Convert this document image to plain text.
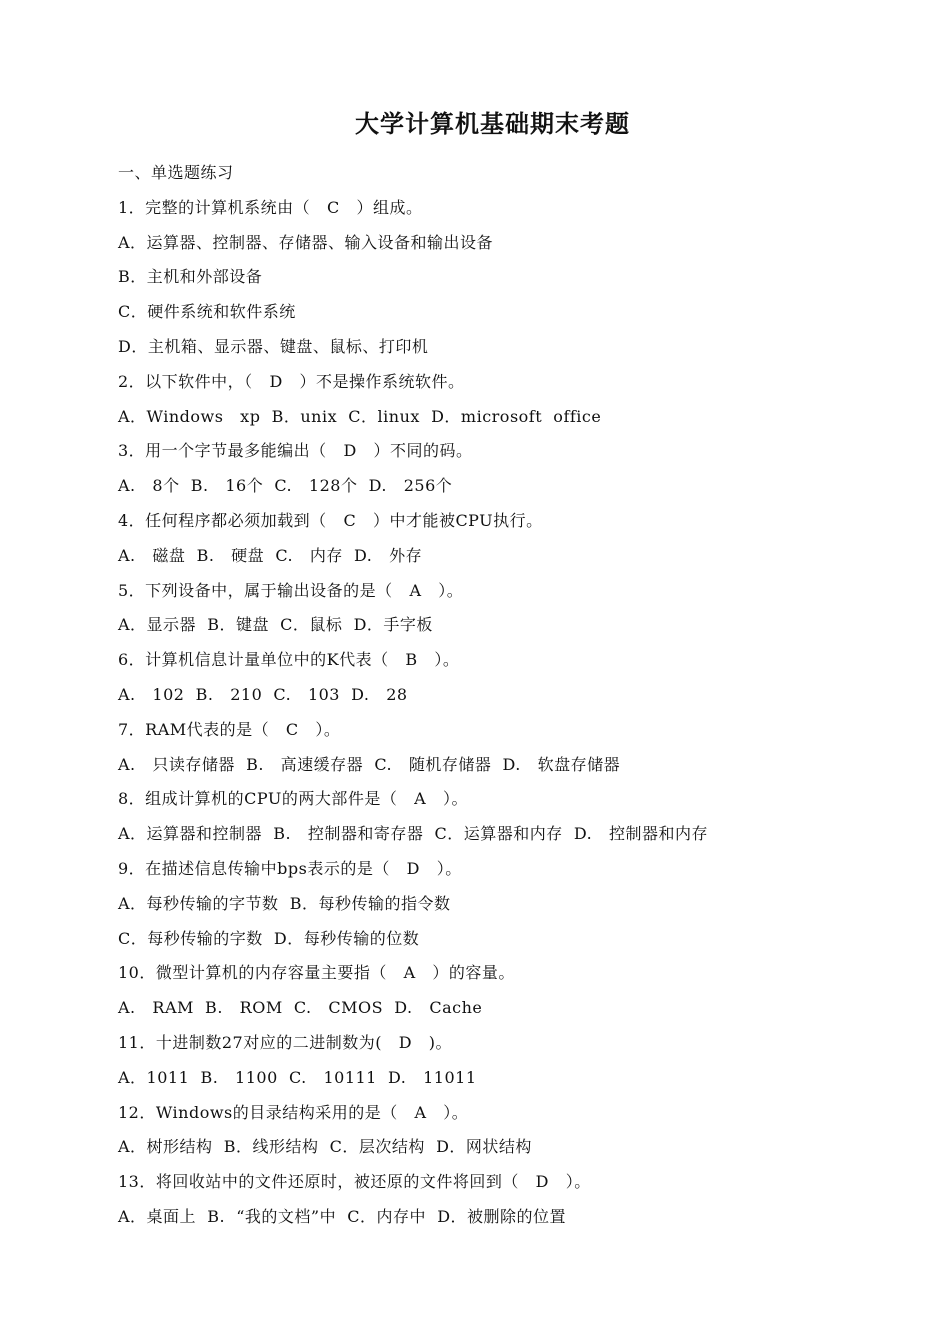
大学计算机基础期末考题
一、单选题练习
1．完整的计算机系统由（   C   ）组成。
A．运算器、控制器、存储器、输入设备和输出设备
B．主机和外部设备
C．硬件系统和软件系统
D．主机箱、显示器、键盘、鼠标、打印机
2．以下软件中，（   D   ）不是操作系统软件。
A．Windows   xp  B．unix  C．linux  D．microsoft  office
3．用一个字节最多能编出（   D   ）不同的码。
A.   8个  B.   16个  C.   128个  D.   256个
4．任何程序都必须加载到（   C   ）中才能被CPU执行。
A.   磁盘  B.   硬盘  C.   内存  D.   外存
5．下列设备中，属于输出设备的是（   A   ）。
A．显示器  B．键盘  C．鼠标  D．手字板
6．计算机信息计量单位中的K代表（   B   ）。
A.   102  B.   210  C.   103  D.   28
7．RAM代表的是（   C   ）。
A.   只读存储器  B.   高速缓存器  C.   随机存储器  D.   软盘存储器
8．组成计算机的CPU的两大部件是（   A   ）。
A．运算器和控制器  B.   控制器和寄存器  C．运算器和内存  D.   控制器和内存
9．在描述信息传输中bps表示的是（   D   ）。
A．每秒传输的字节数  B．每秒传输的指令数
C．每秒传输的字数  D．每秒传输的位数
10．微型计算机的内存容量主要指（   A   ）的容量。
A.   RAM  B.   ROM  C.   CMOS  D.   Cache
11．十进制数27对应的二进制数为(   D   )。
A．1011  B.   1100  C.   10111  D.   11011
12．Windows的目录结构采用的是（   A   ）。
A．树形结构  B．线形结构  C．层次结构  D．网状结构
13．将回收站中的文件还原时，被还原的文件将回到（   D   ）。
A．桌面上  B.  “我的文档”中  C．内存中  D．被删除的位置
